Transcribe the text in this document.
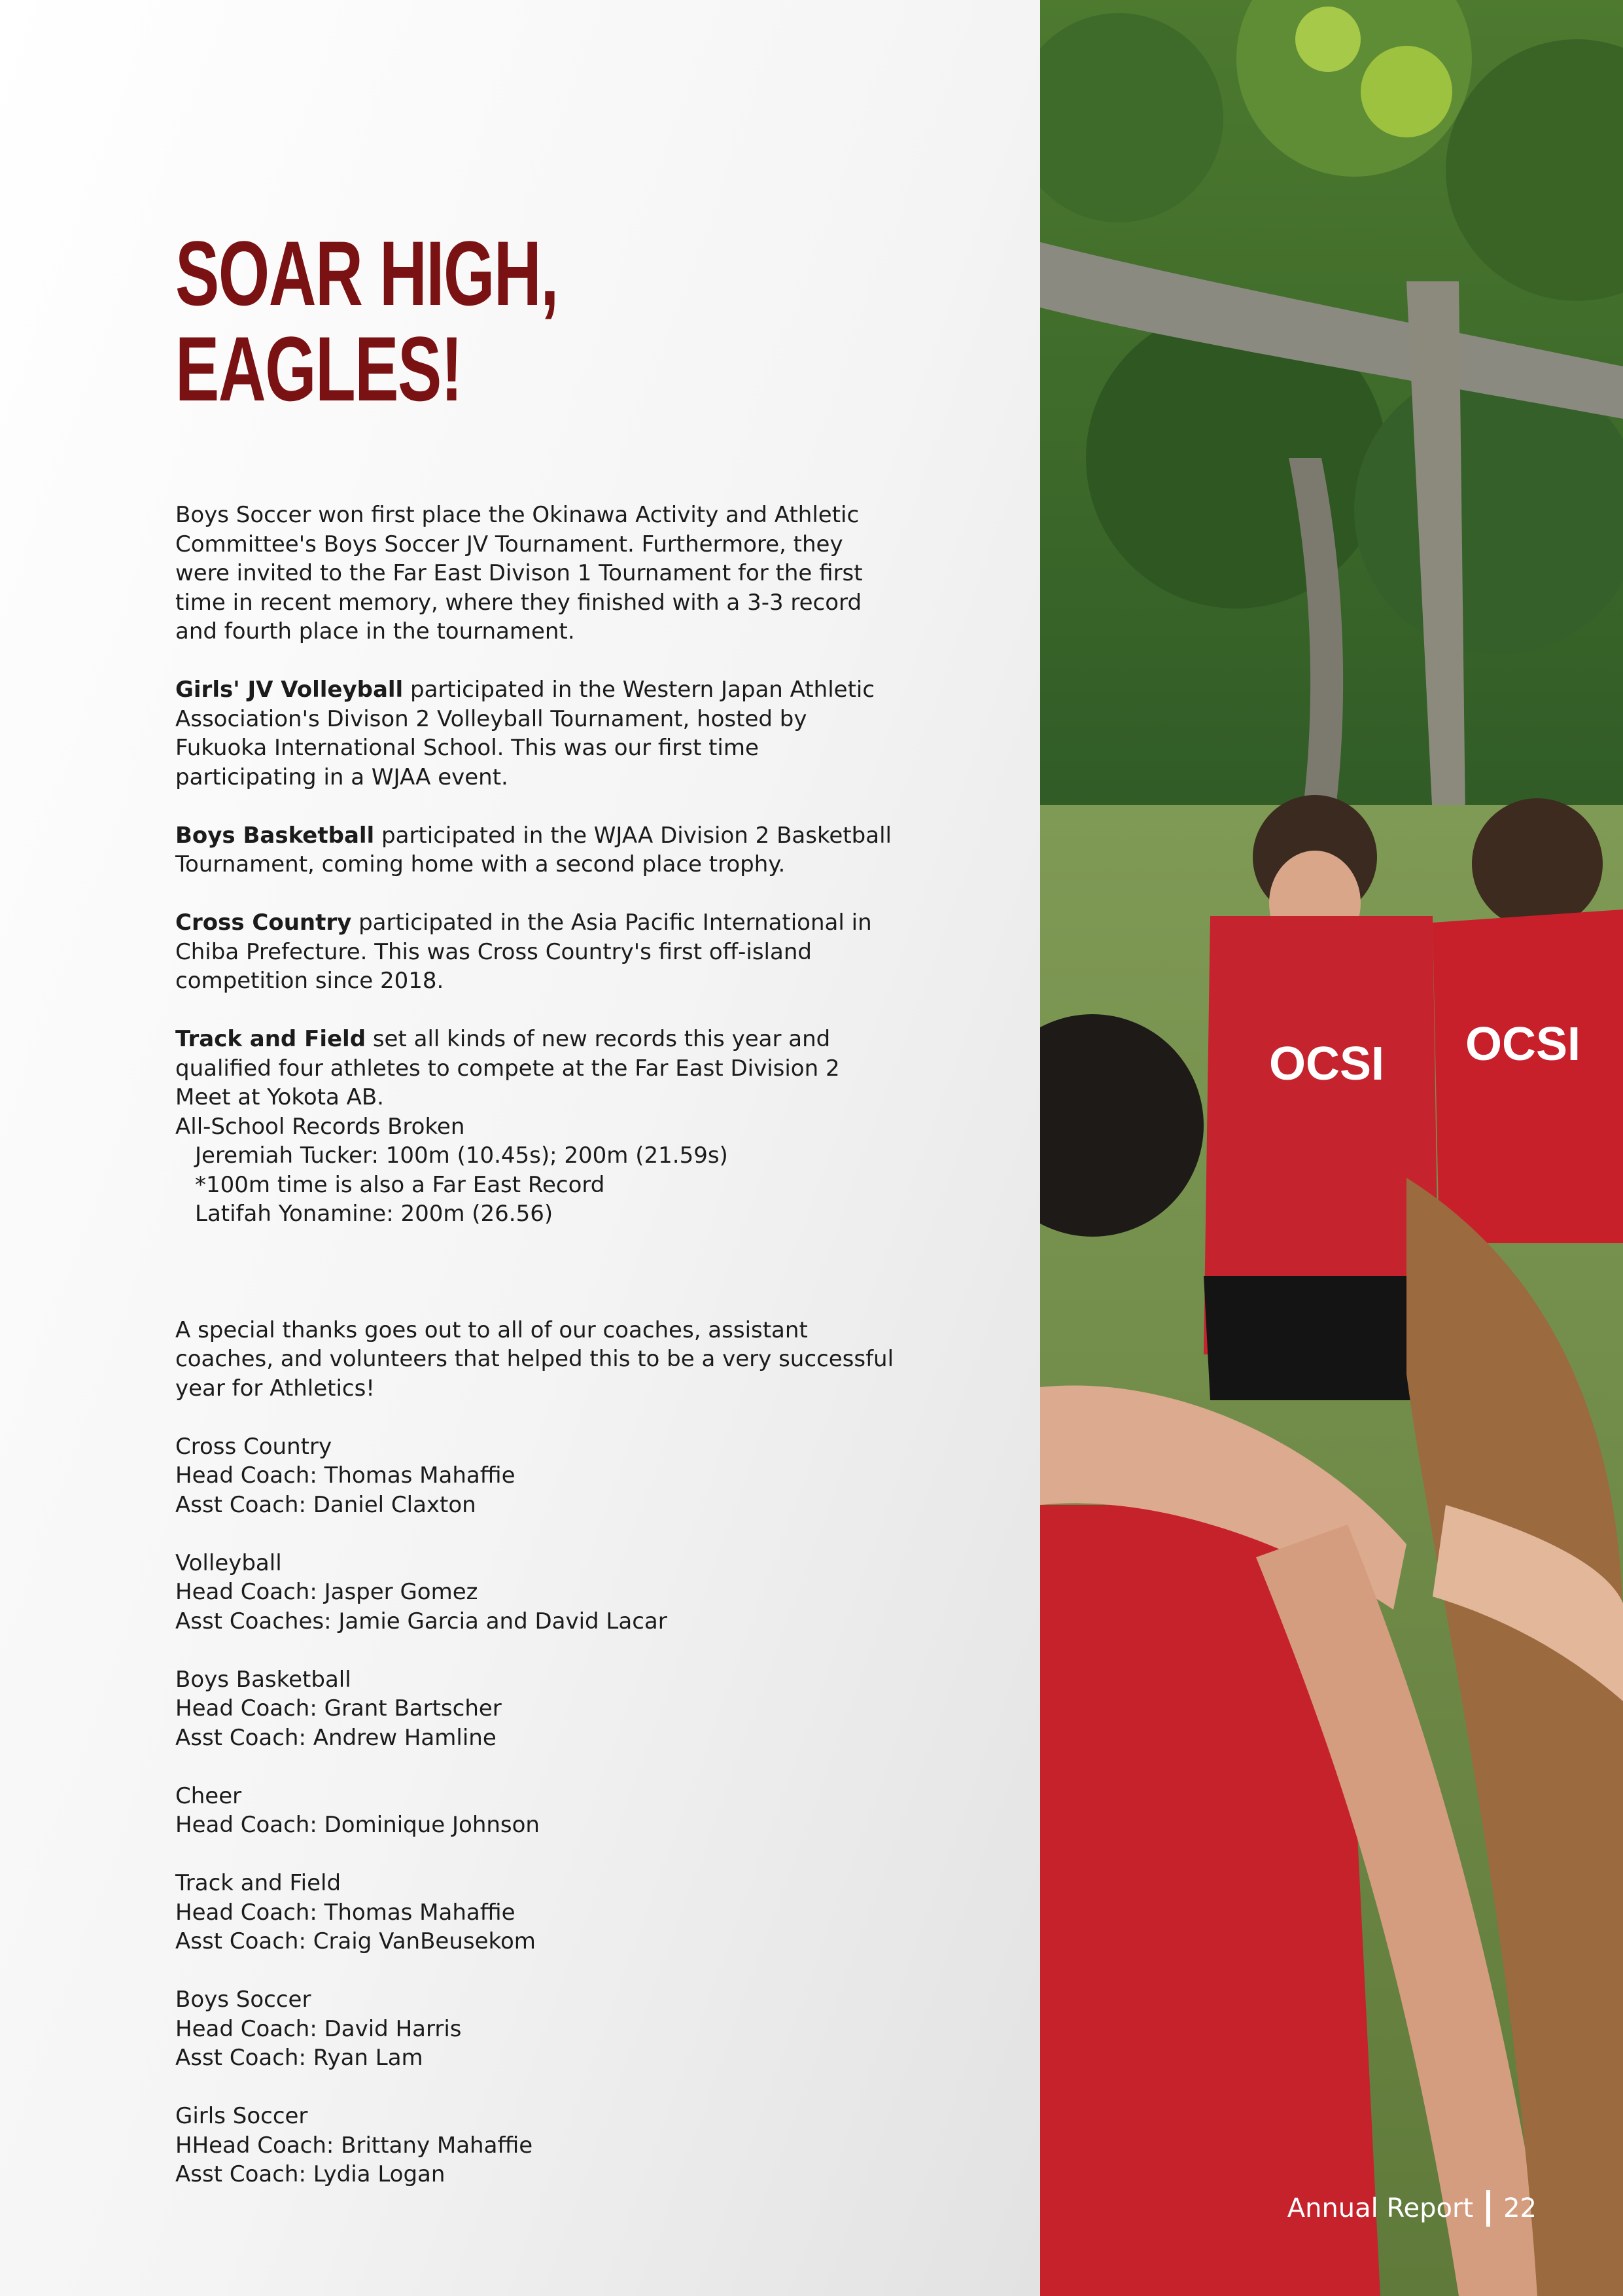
SOAR HIGH,
EAGLES!

Boys Soccer won first place the Okinawa Activity and Athletic Committee's Boys Soccer JV Tournament. Furthermore, they were invited to the Far East Divison 1 Tournament for the first time in recent memory, where they finished with a 3-3 record and fourth place in the tournament.

Girls' JV Volleyball participated in the Western Japan Athletic Association's Divison 2 Volleyball Tournament, hosted by Fukuoka International School. This was our first time participating in a WJAA event.

Boys Basketball participated in the WJAA Division 2 Basketball Tournament, coming home with a second place trophy.

Cross Country participated in the Asia Pacific International in Chiba Prefecture. This was Cross Country's first off-island competition since 2018.

Track and Field set all kinds of new records this year and qualified four athletes to compete at the Far East Division 2 Meet at Yokota AB.

All-School Records Broken

Jeremiah Tucker: 100m (10.45s); 200m (21.59s)

*100m time is also a Far East Record

Latifah Yonamine: 200m (26.56)

A special thanks goes out to all of our coaches, assistant coaches, and volunteers that helped this to be a very successful year for Athletics!

Cross Country

Head Coach: Thomas Mahaffie

Asst Coach: Daniel Claxton

Volleyball

Head Coach: Jasper Gomez

Asst Coaches: Jamie Garcia and David Lacar

Boys Basketball

Head Coach: Grant Bartscher

Asst Coach: Andrew Hamline

Cheer

Head Coach: Dominique Johnson

Track and Field

Head Coach: Thomas Mahaffie

Asst Coach: Craig VanBeusekom

Boys Soccer

Head Coach: David Harris

Asst Coach: Ryan Lam

Girls Soccer

HHead Coach: Brittany Mahaffie

Asst Coach: Lydia Logan

OCSI OCSI
Annual Report 22
